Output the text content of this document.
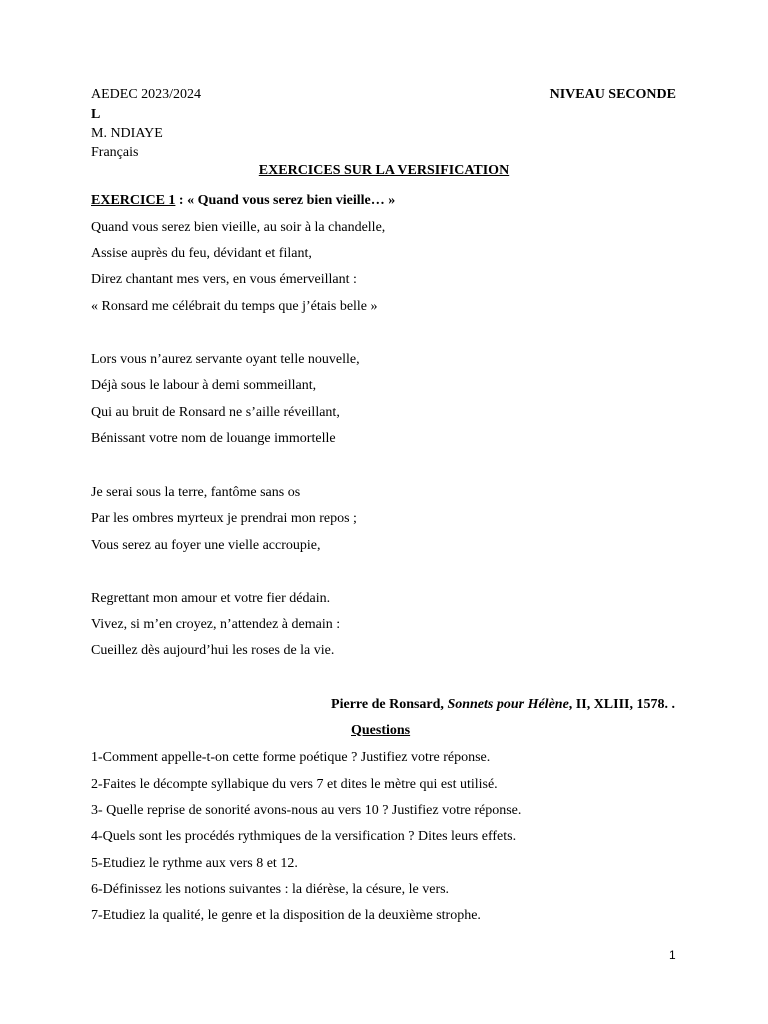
AEDEC 2023/2024	NIVEAU SECONDE
L
M. NDIAYE
Français
EXERCICES SUR LA VERSIFICATION
EXERCICE 1 : « Quand vous serez bien vieille… »
Quand vous serez bien vieille, au soir à la chandelle,
Assise auprès du feu, dévidant et filant,
Direz chantant mes vers, en vous émerveillant :
« Ronsard me célébrait du temps que j’étais belle »
Lors vous n’aurez servante oyant telle nouvelle,
Déjà sous le labour à demi sommeillant,
Qui au bruit de Ronsard ne s’aille réveillant,
Bénissant votre nom de louange immortelle
Je serai sous la terre, fantôme sans os
Par les ombres myrteux je prendrai mon repos ;
Vous serez au foyer une vielle accroupie,
Regrettant mon amour et votre fier dédain.
Vivez, si m’en croyez, n’attendez à demain :
Cueillez dès aujourd’hui les roses de la vie.
Pierre de Ronsard, Sonnets pour Hélène, II, XLIII, 1578. .
Questions
1-Comment appelle-t-on cette forme poétique ? Justifiez votre réponse.
2-Faites le décompte syllabique du vers 7 et dites le mètre qui est utilisé.
3- Quelle reprise de sonorité avons-nous au vers 10 ? Justifiez votre réponse.
4-Quels sont les procédés rythmiques de la versification ? Dites leurs effets.
5-Etudiez le rythme aux vers 8 et 12.
6-Définissez les notions suivantes : la diérèse, la césure, le vers.
7-Etudiez la qualité, le genre et la disposition de la deuxième strophe.
1
